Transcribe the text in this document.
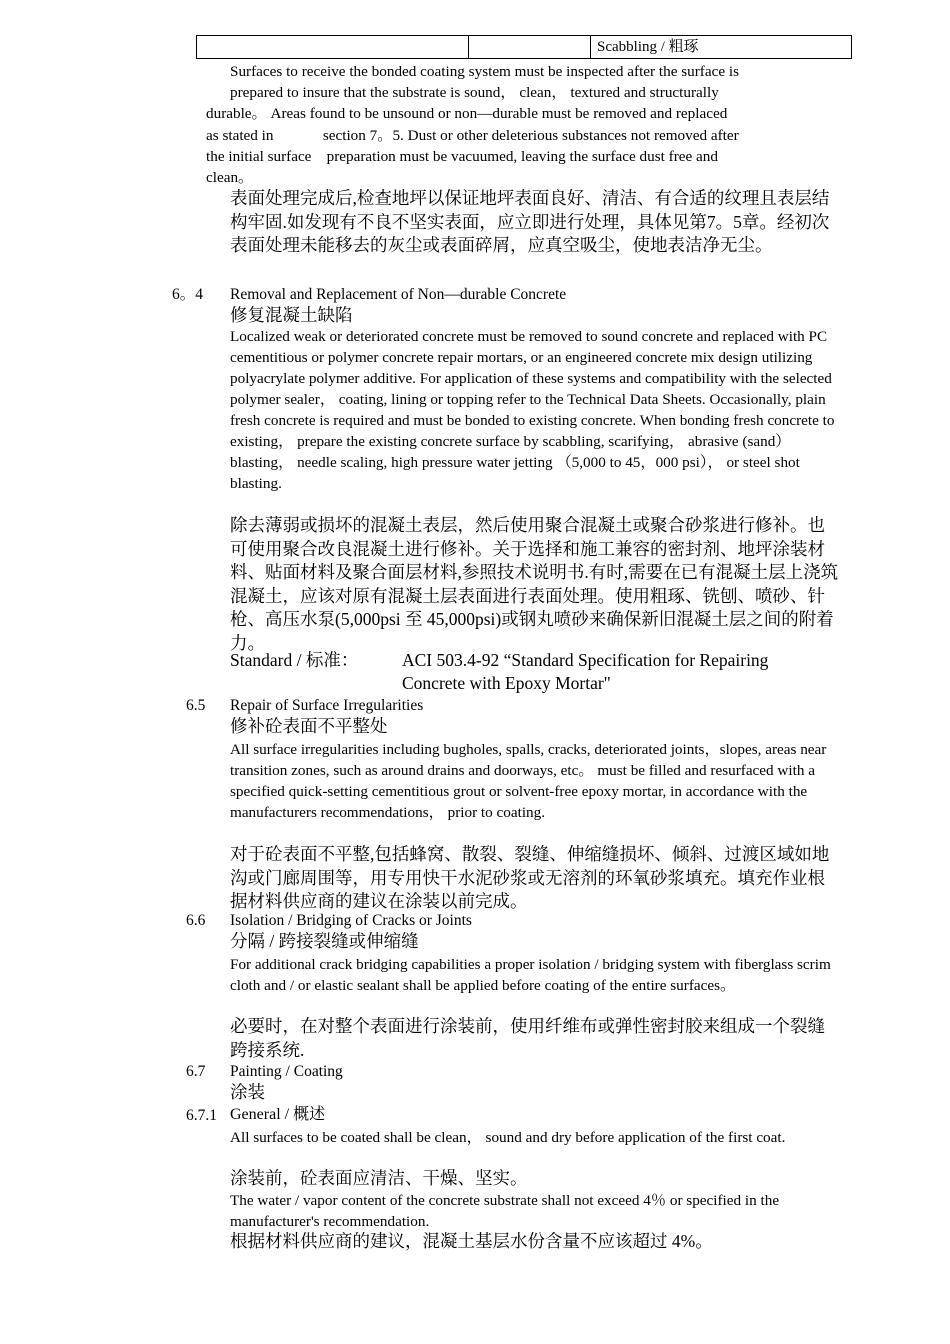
		Scabbling / 粗琢
Surfaces to receive the bonded coating system must be inspected after the surface is
prepared to insure that the substrate is sound， clean， textured and structurally
durable。 Areas found to be unsound or non—durable must be removed and replaced
as stated in             section 7。5. Dust or other deleterious substances not removed after
the initial surface    preparation must be vacuumed, leaving the surface dust free and
clean。

表面处理完成后,检查地坪以保证地坪表面良好、清洁、有合适的纹理且表层结构牢固.如发现有不良不坚实表面，应立即进行处理，具体见第7。5章。经初次表面处理未能移去的灰尘或表面碎屑，应真空吸尘，使地表洁净无尘。

6。4 Removal and Replacement of Non—durable Concrete
修复混凝土缺陷

Localized weak or deteriorated concrete must be removed to sound concrete and replaced with PC cementitious or polymer concrete repair mortars, or an engineered concrete mix design utilizing polyacrylate polymer additive. For application of these systems and compatibility with the selected polymer sealer， coating, lining or topping refer to the Technical Data Sheets. Occasionally, plain fresh concrete is required and must be bonded to existing concrete. When bonding fresh concrete to existing， prepare the existing concrete surface by scabbling, scarifying， abrasive (sand） blasting， needle scaling, high pressure water jetting （5,000 to 45，000 psi）， or steel shot blasting.

除去薄弱或损坏的混凝土表层，然后使用聚合混凝土或聚合砂浆进行修补。也可使用聚合改良混凝土进行修补。关于选择和施工兼容的密封剂、地坪涂装材料、贴面材料及聚合面层材料,参照技术说明书.有时,需要在已有混凝土层上浇筑混凝土，应该对原有混凝土层表面进行表面处理。使用粗琢、铣刨、喷砂、针枪、高压水泵(5,000psi 至 45,000psi)或钢丸喷砂来确保新旧混凝土层之间的附着力。

Standard / 标准： ACI 503.4-92 “Standard Specification for Repairing
Concrete with Epoxy Mortar"
6.5 Repair of Surface Irregularities
修补砼表面不平整处

All surface irregularities including bugholes, spalls, cracks, deteriorated joints，slopes, areas near transition zones, such as around drains and doorways, etc。 must be filled and resurfaced with a specified quick-setting cementitious grout or solvent-free epoxy mortar, in accordance with the manufacturers recommendations， prior to coating.

对于砼表面不平整,包括蜂窝、散裂、裂缝、伸缩缝损坏、倾斜、过渡区域如地沟或门廊周围等，用专用快干水泥砂浆或无溶剂的环氧砂浆填充。填充作业根据材料供应商的建议在涂装以前完成。

6.6 Isolation / Bridging of Cracks or Joints
分隔 / 跨接裂缝或伸缩缝

For additional crack bridging capabilities a proper isolation / bridging system with fiberglass scrim cloth and / or elastic sealant shall be applied before coating of the entire surfaces。

必要时，在对整个表面进行涂装前，使用纤维布或弹性密封胶来组成一个裂缝跨接系统.

6.7 Painting / Coating
涂装
6.7.1 General / 概述

All surfaces to be coated shall be clean， sound and dry before application of the first coat.

涂装前，砼表面应清洁、干燥、坚实。

The water / vapor content of the concrete substrate shall not exceed 4％ or specified in the manufacturer's recommendation.

根据材料供应商的建议，混凝土基层水份含量不应该超过 4%。
